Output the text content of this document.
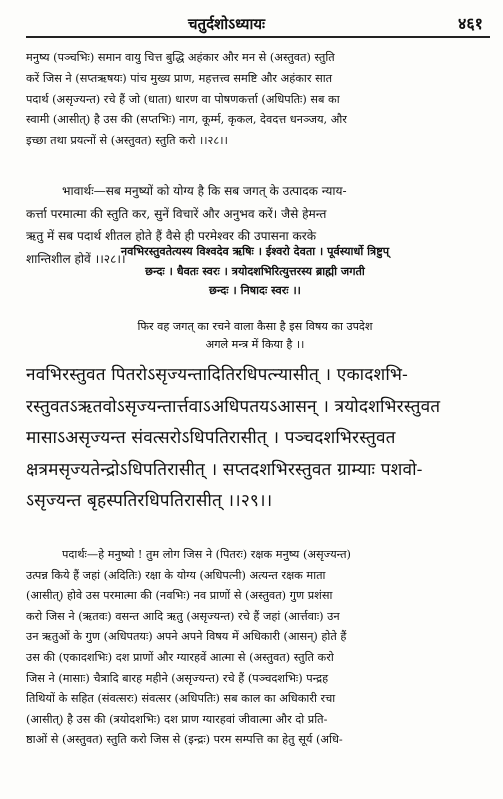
चतुर्दशोऽध्यायः	४६१
मनुष्य (पञ्चभिः) समान वायु चित्त बुद्धि अहंकार और मन से (अस्तुवत) स्तुति
करें जिस ने (सप्तऋषयः) पांच मुख्य प्राण, महत्तत्त्व समष्टि और अहंकार सात
पदार्थ (असृज्यन्त) रचे हैं जो (धाता) धारण वा पोषणकर्त्ता (अधिपतिः) सब का
स्वामी (आसीत्) है उस की (सप्तभिः) नाग, कूर्म्म, कृकल, देवदत्त धनञ्जय, और
इच्छा तथा प्रयत्नों से (अस्तुवत) स्तुति करो ।।२८।।
भावार्थः—सब मनुष्यों को योग्य है कि सब जगत् के उत्पादक न्याय-
कर्त्ता परमात्मा की स्तुति कर, सुनें विचारें और अनुभव करें। जैसे हेमन्त
ऋतु में सब पदार्थ शीतल होते हैं वैसे ही परमेश्वर की उपासना करके
शान्तिशील होवें ।।२८।।
नवभिरस्तुवतेत्यस्य विश्वदेव ऋषिः । ईश्वरो देवता । पूर्वस्यार्धो त्रिष्टुप्
छन्दः । धैवतः स्वरः । त्रयोदशभिरित्युत्तरस्य ब्राह्मी जगती
छन्दः । निषादः स्वरः ।।
फिर वह जगत् का रचने वाला कैसा है इस विषय का उपदेश
अगले मन्त्र में किया है ।।
नवभिरस्तुवत पितरोऽसृज्यन्तादितिरधिपत्न्यासीत् । एकादशभि-
रस्तुवतऽऋतवोऽसृज्यन्तार्त्तवाऽअधिपतयऽआसन् । त्रयोदशभिरस्तुवत
मासाऽअसृज्यन्त संवत्सरोऽधिपतिरासीत् । पञ्चदशभिरस्तुवत
क्षत्रमसृज्यतेन्द्रोऽधिपतिरासीत् । सप्तदशभिरस्तुवत ग्राम्याः पशवो-
ऽसृज्यन्त बृहस्पतिरधिपतिरासीत् ।।२९।।
पदार्थः—हे मनुष्यो ! तुम लोग जिस ने (पितरः) रक्षक मनुष्य (असृज्यन्त)
उत्पन्न किये हैं जहां (अदितिः) रक्षा के योग्य (अधिपत्नी) अत्यन्त रक्षक माता
(आसीत्) होवे उस परमात्मा की (नवभिः) नव प्राणों से (अस्तुवत) गुण प्रशंसा
करो जिस ने (ऋतवः) वसन्त आदि ऋतु (असृज्यन्त) रचे हैं जहां (आर्त्तवाः) उन
उन ऋतुओं के गुण (अधिपतयः) अपने अपने विषय में अधिकारी (आसन्) होते हैं
उस की (एकादशभिः) दश प्राणों और ग्यारहवें आत्मा से (अस्तुवत) स्तुति करो
जिस ने (मासाः) चैत्रादि बारह महीने (असृज्यन्त) रचे हैं (पञ्चदशभिः) पन्द्रह
तिथियों के सहित (संवत्सरः) संवत्सर (अधिपतिः) सब काल का अधिकारी रचा
(आसीत्) है उस की (त्रयोदशभिः) दश प्राण ग्यारहवां जीवात्मा और दो प्रति-
ष्ठाओं से (अस्तुवत) स्तुति करो जिस से (इन्द्रः) परम सम्पत्ति का हेतु सूर्य (अधि-
